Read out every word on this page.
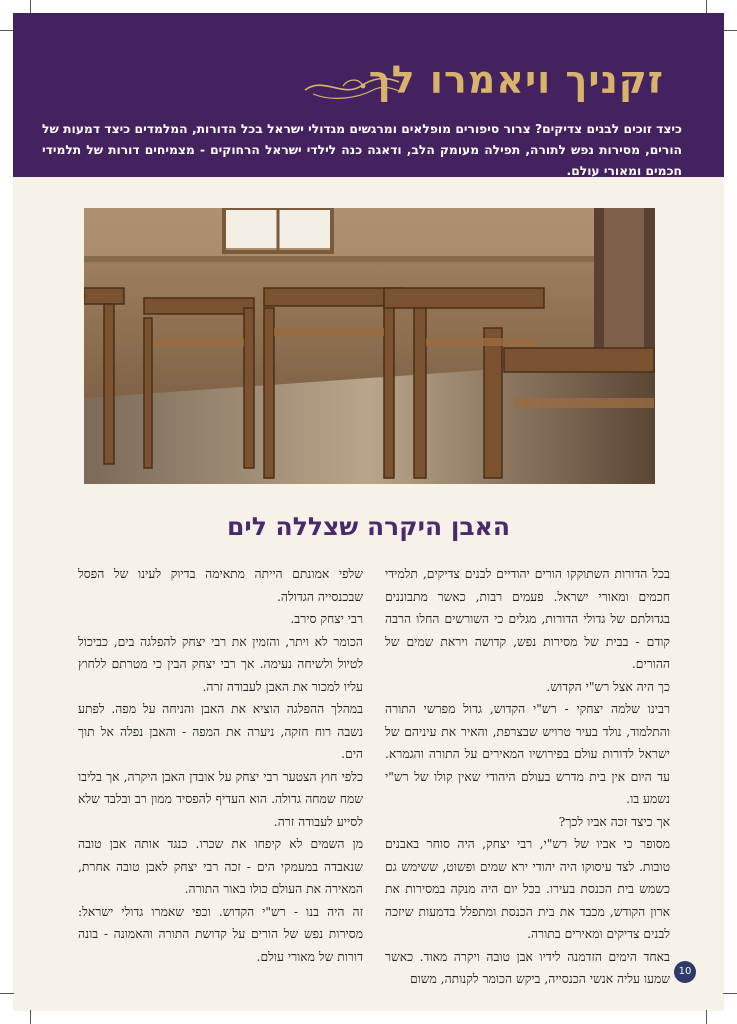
זקניך ויאמרו לך
כיצד זוכים לבנים צדיקים? צרור סיפורים מופלאים ומרגשים מגדולי ישראל בכל הדורות, המלמדים כיצד דמעות של הורים, מסירות נפש לתורה, תפילה מעומק הלב, ודאגה כנה לילדי ישראל הרחוקים - מצמיחים דורות של תלמידי חכמים ומאורי עולם.
האבן היקרה שצללה לים

בכל הדורות השתוקקו הורים יהודיים לבנים צדיקים, תלמידי חכמים ומאורי ישראל. פעמים רבות, כאשר מתבוננים בגדולתם של גדולי הדורות, מגלים כי השורשים החלו הרבה קודם - בבית של מסירות נפש, קדושה ויראת שמים של ההורים.

כך היה אצל רש"י הקדוש.

רבינו שלמה יצחקי - רש"י הקדוש, גדול מפרשי התורה והתלמוד, נולד בעיר טרויש שבצרפת, והאיר את עיניהם של ישראל לדורות עולם בפירושיו המאירים על התורה והגמרא. עד היום אין בית מדרש בעולם היהודי שאין קולו של רש"י נשמע בו.

אך כיצד זכה אביו לכך?

מסופר כי אביו של רש"י, רבי יצחק, היה סוחר באבנים טובות. לצד עיסוקו היה יהודי ירא שמים ופשוט, ששימש גם כשמש בית הכנסת בעירו. בכל יום היה מנקה במסירות את ארון הקודש, מכבד את בית הכנסת ומתפלל בדמעות שיזכה לבנים צדיקים ומאירים בתורה.

באחד הימים הזדמנה לידיו אבן טובה ויקרה מאוד. כאשר שמעו עליה אנשי הכנסייה, ביקש הכומר לקנותה, משום

שלפי אמונתם הייתה מתאימה בדיוק לעינו של הפסל שבכנסייה הגדולה.

רבי יצחק סירב.

הכומר לא ויתר, והזמין את רבי יצחק להפלגה בים, כביכול לטיול ולשיחה נעימה. אך רבי יצחק הבין כי מטרתם ללחוץ עליו למכור את האבן לעבודה זרה.

במהלך ההפלגה הוציא את האבן והניחה על מפה. לפתע נשבה רוח חזקה, ניערה את המפה - והאבן נפלה אל תוך הים.

כלפי חוץ הצטער רבי יצחק על אובדן האבן היקרה, אך בליבו שמח שמחה גדולה. הוא העדיף להפסיד ממון רב ובלבד שלא לסייע לעבודה זרה.

מן השמים לא קיפחו את שכרו. כנגד אותה אבן טובה שנאבדה במעמקי הים - זכה רבי יצחק לאבן טובה אחרת, המאירה את העולם כולו באור התורה.

זה היה בנו - רש"י הקדוש. וכפי שאמרו גדולי ישראל: מסירות נפש של הורים על קדושת התורה והאמונה - בונה דורות של מאורי עולם.

10
